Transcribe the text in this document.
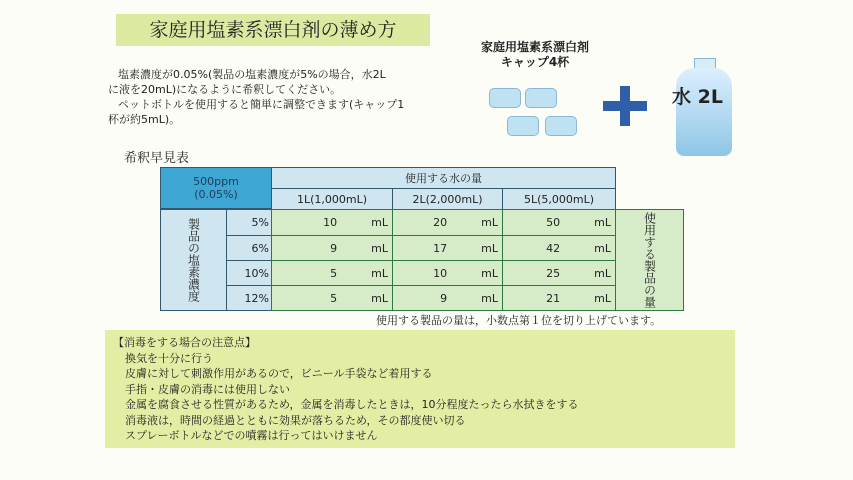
家庭用塩素系漂白剤の薄め方
塩素濃度が0.05%(製品の塩素濃度が5%の場合，水2L
に液を20mL)になるように希釈してください。
ペットボトルを使用すると簡単に調整できます(キャップ1
杯が約5mL)。
家庭用塩素系漂白剤
キャップ4杯
水 2L
希釈早見表
500ppm
(0.05%)
使用する水の量
1L(1,000mL)	2L(2,000mL)	5L(5,000mL)
製品の塩素濃度	使用する製品の量
5%	10	mL	20	mL	50	mL
6%	9	mL	17	mL	42	mL
10%	5	mL	10	mL	25	mL
12%	5	mL	9	mL	21	mL
使用する製品の量は，小数点第１位を切り上げています。
【消毒をする場合の注意点】
換気を十分に行う
皮膚に対して刺激作用があるので，ビニール手袋など着用する
手指・皮膚の消毒には使用しない
金属を腐食させる性質があるため，金属を消毒したときは，10分程度たったら水拭きをする
消毒液は，時間の経過とともに効果が落ちるため，その都度使い切る
スプレーボトルなどでの噴霧は行ってはいけません
